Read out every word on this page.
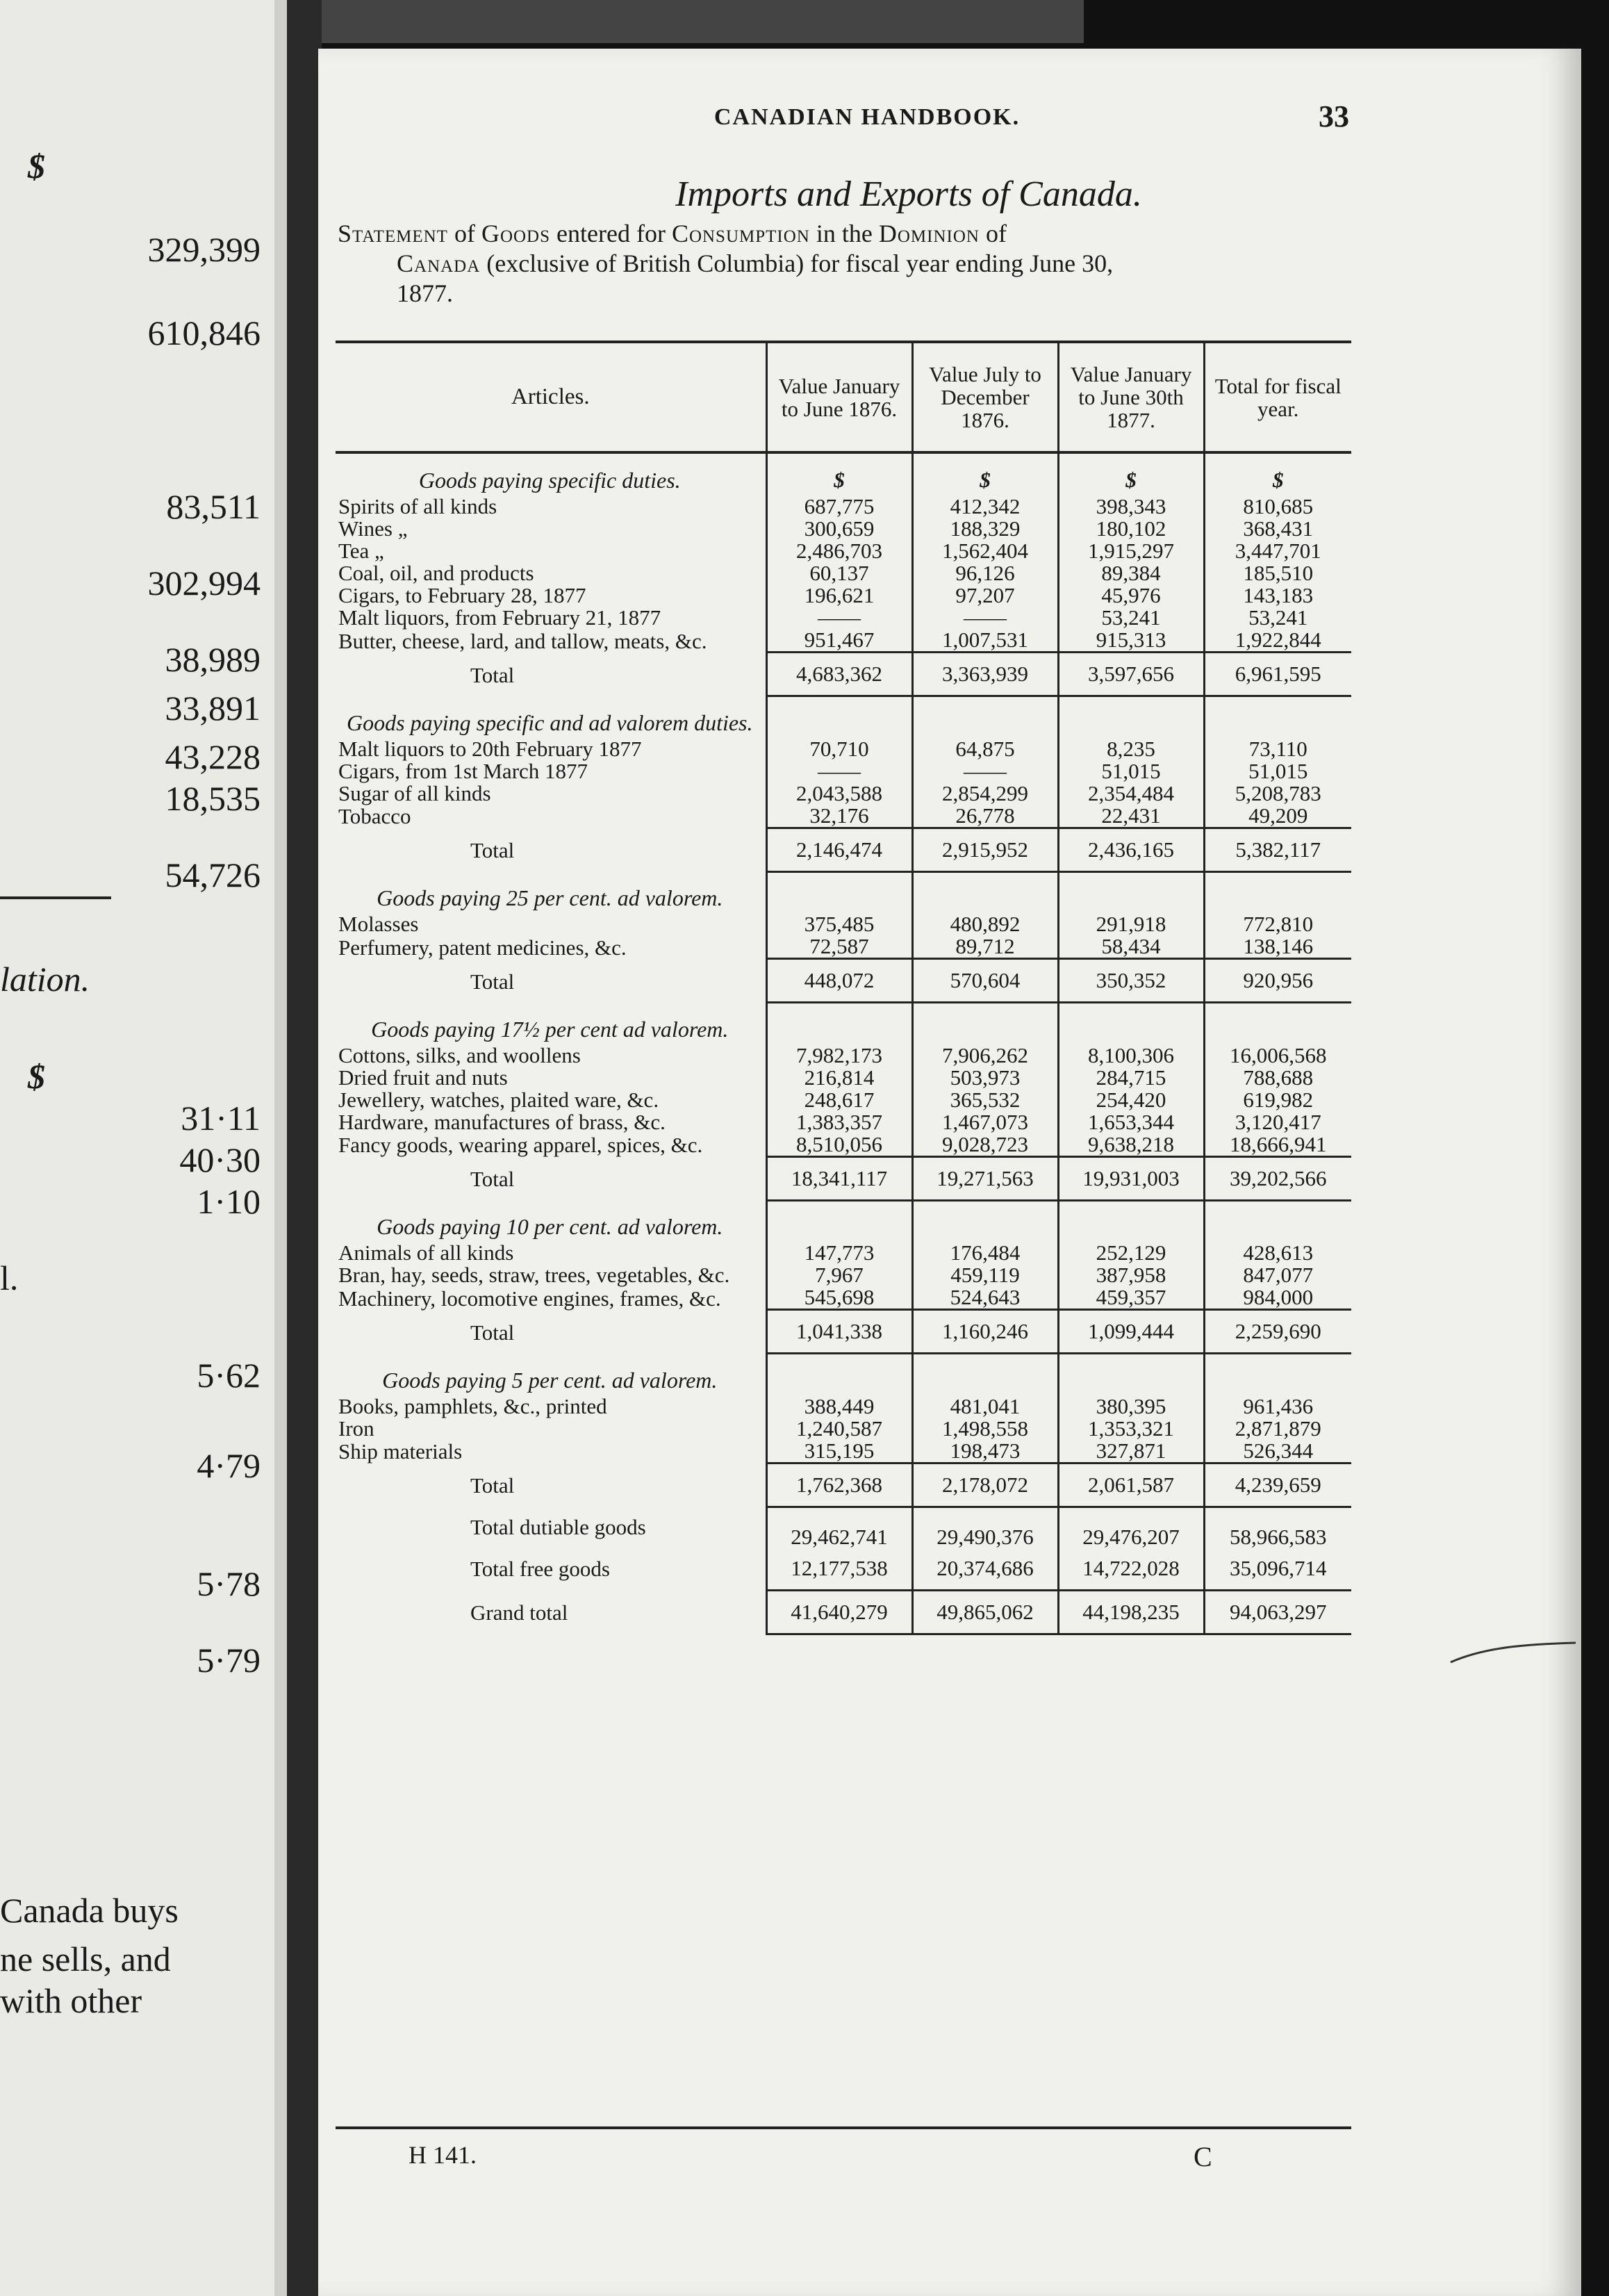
$
329,399
610,846
83,511
302,994
38,989
33,891
43,228
18,535
54,726
lation.
$
31·11
40·30
1·10
l.
5·62
4·79
5·78
5·79
Canada buys
ne sells, and
with other
CANADIAN HANDBOOK.	33
Imports and Exports of Canada.
Statement of Goods entered for Consumption in the Dominion of
Canada (exclusive of British Columbia) for fiscal year ending June 30,
1877.
Articles.	Value January to June 1876.	Value July to December 1876.	Value January to June 30th 1877.	Total for fiscal year.
Goods paying specific duties.	$	$	$	$
Spirits of all kinds	687,775	412,342	398,343	810,685
Wines „	300,659	188,329	180,102	368,431
Tea „	2,486,703	1,562,404	1,915,297	3,447,701
Coal, oil, and products	60,137	96,126	89,384	185,510
Cigars, to February 28, 1877	196,621	97,207	45,976	143,183
Malt liquors, from February 21, 1877	——	——	53,241	53,241
Butter, cheese, lard, and tallow, meats, &c.	951,467	1,007,531	915,313	1,922,844
Total	4,683,362	3,363,939	3,597,656	6,961,595
Goods paying specific and ad valorem duties.				
Malt liquors to 20th February 1877	70,710	64,875	8,235	73,110
Cigars, from 1st March 1877	——	——	51,015	51,015
Sugar of all kinds	2,043,588	2,854,299	2,354,484	5,208,783
Tobacco	32,176	26,778	22,431	49,209
Total	2,146,474	2,915,952	2,436,165	5,382,117
Goods paying 25 per cent. ad valorem.				
Molasses	375,485	480,892	291,918	772,810
Perfumery, patent medicines, &c.	72,587	89,712	58,434	138,146
Total	448,072	570,604	350,352	920,956
Goods paying 17½ per cent ad valorem.				
Cottons, silks, and woollens	7,982,173	7,906,262	8,100,306	16,006,568
Dried fruit and nuts	216,814	503,973	284,715	788,688
Jewellery, watches, plaited ware, &c.	248,617	365,532	254,420	619,982
Hardware, manufactures of brass, &c.	1,383,357	1,467,073	1,653,344	3,120,417
Fancy goods, wearing apparel, spices, &c.	8,510,056	9,028,723	9,638,218	18,666,941
Total	18,341,117	19,271,563	19,931,003	39,202,566
Goods paying 10 per cent. ad valorem.				
Animals of all kinds	147,773	176,484	252,129	428,613
Bran, hay, seeds, straw, trees, vegetables, &c.	7,967	459,119	387,958	847,077
Machinery, locomotive engines, frames, &c.	545,698	524,643	459,357	984,000
Total	1,041,338	1,160,246	1,099,444	2,259,690
Goods paying 5 per cent. ad valorem.				
Books, pamphlets, &c., printed	388,449	481,041	380,395	961,436
Iron	1,240,587	1,498,558	1,353,321	2,871,879
Ship materials	315,195	198,473	327,871	526,344
Total	1,762,368	2,178,072	2,061,587	4,239,659
Total dutiable goods	29,462,741	29,490,376	29,476,207	58,966,583
Total free goods	12,177,538	20,374,686	14,722,028	35,096,714
Grand total	41,640,279	49,865,062	44,198,235	94,063,297
H 141.	C
